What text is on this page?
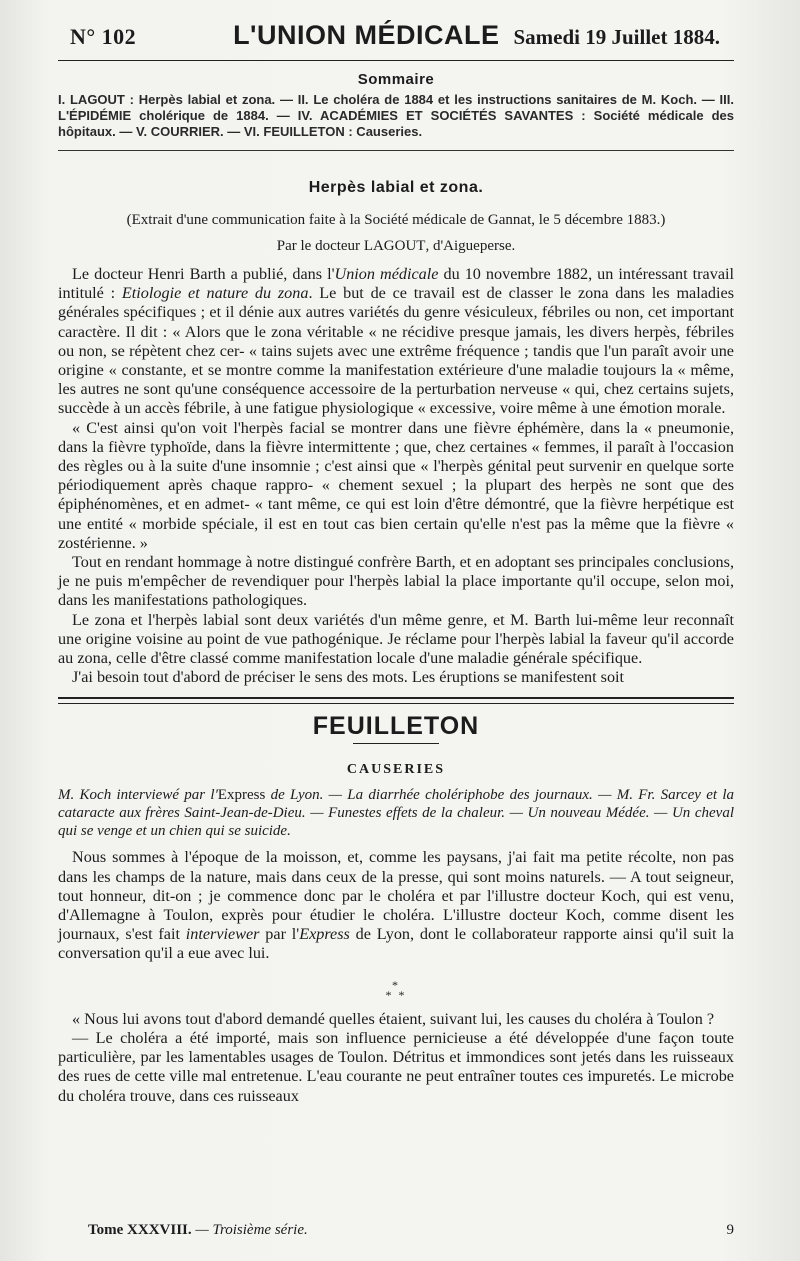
N° 102	L'UNION MÉDICALE Samedi 19 Juillet 1884.
Sommaire

I. LAGOUT : Herpès labial et zona. — II. Le choléra de 1884 et les instructions sanitaires de M. Koch. — III. L'ÉPIDÉMIE cholérique de 1884. — IV. ACADÉMIES ET SOCIÉTÉS SAVANTES : Société médicale des hôpitaux. — V. COURRIER. — VI. FEUILLETON : Causeries.

Herpès labial et zona.

(Extrait d'une communication faite à la Société médicale de Gannat, le 5 décembre 1883.)

Par le docteur LAGOUT, d'Aigueperse.

Le docteur Henri Barth a publié, dans l'Union médicale du 10 novembre 1882, un intéressant travail intitulé : Etiologie et nature du zona. Le but de ce travail est de classer le zona dans les maladies générales spécifiques ; et il dénie aux autres variétés du genre vésiculeux, fébriles ou non, cet important caractère. Il dit : « Alors que le zona véritable « ne récidive presque jamais, les divers herpès, fébriles ou non, se répètent chez cer- « tains sujets avec une extrême fréquence ; tandis que l'un paraît avoir une origine « constante, et se montre comme la manifestation extérieure d'une maladie toujours la « même, les autres ne sont qu'une conséquence accessoire de la perturbation nerveuse « qui, chez certains sujets, succède à un accès fébrile, à une fatigue physiologique « excessive, voire même à une émotion morale.

« C'est ainsi qu'on voit l'herpès facial se montrer dans une fièvre éphémère, dans la « pneumonie, dans la fièvre typhoïde, dans la fièvre intermittente ; que, chez certaines « femmes, il paraît à l'occasion des règles ou à la suite d'une insomnie ; c'est ainsi que « l'herpès génital peut survenir en quelque sorte périodiquement après chaque rappro- « chement sexuel ; la plupart des herpès ne sont que des épiphénomènes, et en admet- « tant même, ce qui est loin d'être démontré, que la fièvre herpétique est une entité « morbide spéciale, il est en tout cas bien certain qu'elle n'est pas la même que la fièvre « zostérienne. »

Tout en rendant hommage à notre distingué confrère Barth, et en adoptant ses principales conclusions, je ne puis m'empêcher de revendiquer pour l'herpès labial la place importante qu'il occupe, selon moi, dans les manifestations pathologiques.

Le zona et l'herpès labial sont deux variétés d'un même genre, et M. Barth lui-même leur reconnaît une origine voisine au point de vue pathogénique. Je réclame pour l'herpès labial la faveur qu'il accorde au zona, celle d'être classé comme manifestation locale d'une maladie générale spécifique.

J'ai besoin tout d'abord de préciser le sens des mots. Les éruptions se manifestent soit

FEUILLETON
CAUSERIES

M. Koch interviewé par l'Express de Lyon. — La diarrhée cholériphobe des journaux. — M. Fr. Sarcey et la cataracte aux frères Saint-Jean-de-Dieu. — Funestes effets de la chaleur. — Un nouveau Médée. — Un cheval qui se venge et un chien qui se suicide.

Nous sommes à l'époque de la moisson, et, comme les paysans, j'ai fait ma petite récolte, non pas dans les champs de la nature, mais dans ceux de la presse, qui sont moins naturels. — A tout seigneur, tout honneur, dit-on ; je commence donc par le choléra et par l'illustre docteur Koch, qui est venu, d'Allemagne à Toulon, exprès pour étudier le choléra. L'illustre docteur Koch, comme disent les journaux, s'est fait interviewer par l'Express de Lyon, dont le collaborateur rapporte ainsi qu'il suit la conversation qu'il a eue avec lui.

*
* *

« Nous lui avons tout d'abord demandé quelles étaient, suivant lui, les causes du choléra à Toulon ?

— Le choléra a été importé, mais son influence pernicieuse a été développée d'une façon toute particulière, par les lamentables usages de Toulon. Détritus et immondices sont jetés dans les ruisseaux des rues de cette ville mal entretenue. L'eau courante ne peut entraîner toutes ces impuretés. Le microbe du choléra trouve, dans ces ruisseaux

Tome XXXVIII. — Troisième série.	9
